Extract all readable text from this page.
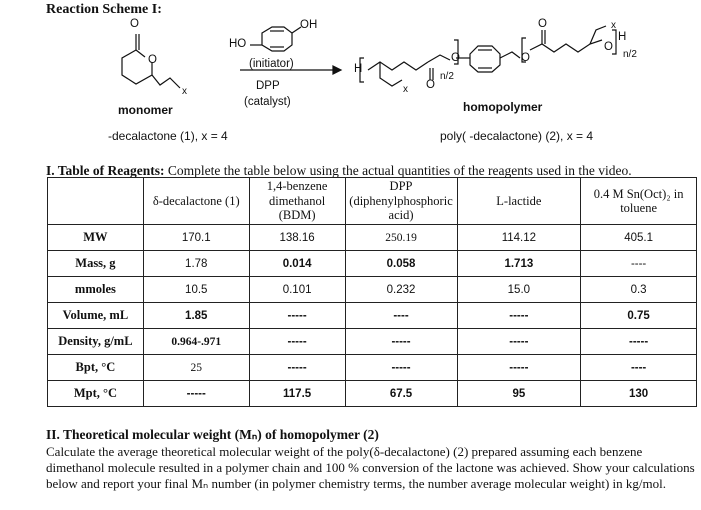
Reaction Scheme I:
O
O
x
monomer
-decalactone (1), x = 4
HO
OH
(initiator)
DPP
(catalyst)
H
x O
n/2
O	O
O	x
H
O
n/2
homopolymer
poly( -decalactone) (2), x = 4
I. Table of Reagents: Complete the table below using the actual quantities of the reagents used in the video.
	δ-decalactone (1)	1,4-benzene dimethanol (BDM)	DPP (diphenylphosphoric acid)	L-lactide	0.4 M Sn(Oct)₂ in toluene
MW	170.1	138.16	250.19	114.12	405.1
Mass, g	1.78	0.014	0.058	1.713	----
mmoles	10.5	0.101	0.232	15.0	0.3
Volume, mL	1.85	-----	----	-----	0.75
Density, g/mL	0.964-.971	-----	-----	-----	-----
Bpt, °C	25	-----	-----	-----	----
Mpt, °C	-----	117.5	67.5	95	130
II. Theoretical molecular weight (Mₙ) of homopolymer (2)
Calculate the average theoretical molecular weight of the poly(δ-decalactone) (2) prepared assuming each benzene dimethanol molecule resulted in a polymer chain and 100 % conversion of the lactone was achieved. Show your calculations below and report your final Mₙ number (in polymer chemistry terms, the number average molecular weight) in kg/mol.
